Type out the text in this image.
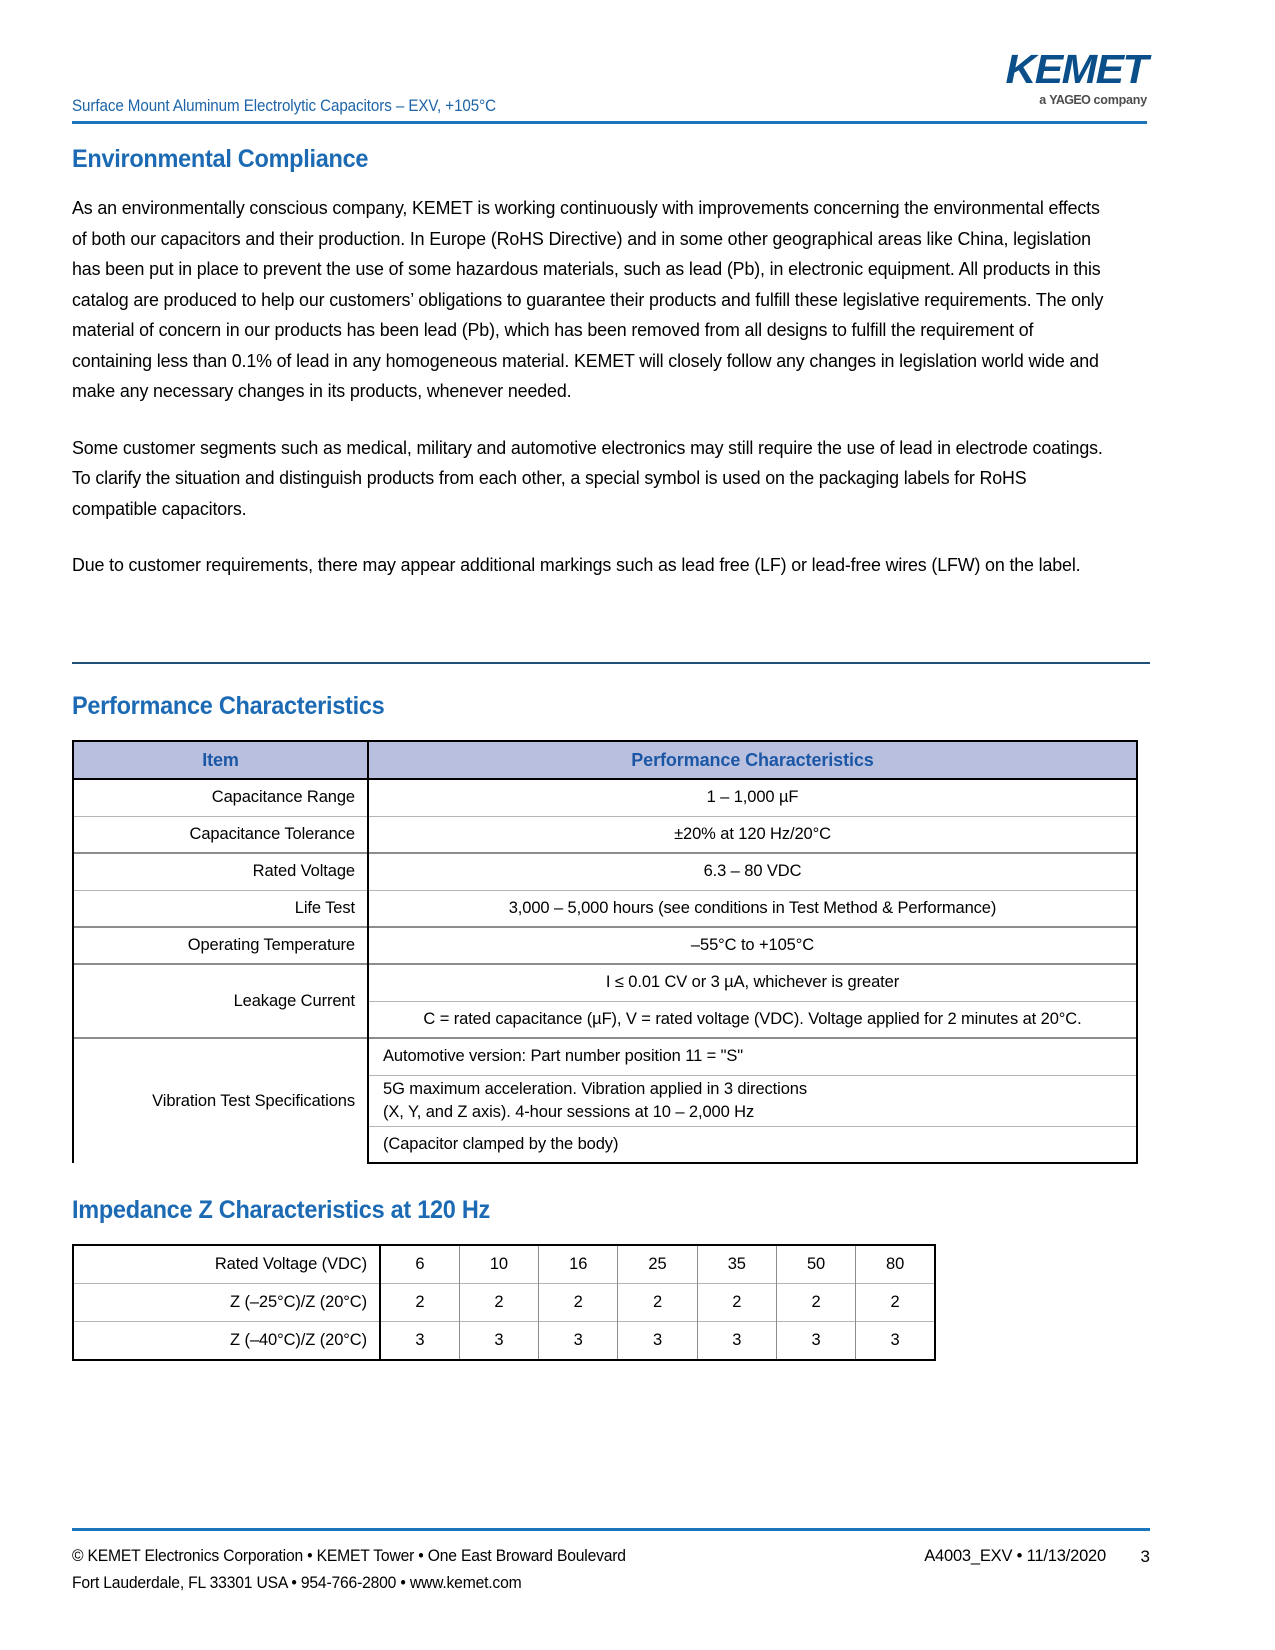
Surface Mount Aluminum Electrolytic Capacitors – EXV, +105°C
KEMET
a YAGEO company
Environmental Compliance

As an environmentally conscious company, KEMET is working continuously with improvements concerning the environmental effects of both our capacitors and their production. In Europe (RoHS Directive) and in some other geographical areas like China, legislation has been put in place to prevent the use of some hazardous materials, such as lead (Pb), in electronic equipment. All products in this catalog are produced to help our customers’ obligations to guarantee their products and fulfill these legislative requirements. The only material of concern in our products has been lead (Pb), which has been removed from all designs to fulfill the requirement of containing less than 0.1% of lead in any homogeneous material. KEMET will closely follow any changes in legislation world wide and make any necessary changes in its products, whenever needed.

Some customer segments such as medical, military and automotive electronics may still require the use of lead in electrode coatings. To clarify the situation and distinguish products from each other, a special symbol is used on the packaging labels for RoHS compatible capacitors.

Due to customer requirements, there may appear additional markings such as lead free (LF) or lead-free wires (LFW) on the label.

Performance Characteristics
Item	Performance Characteristics
Capacitance Range	1 – 1,000 µF
Capacitance Tolerance	±20% at 120 Hz/20°C
Rated Voltage	6.3 – 80 VDC
Life Test	3,000 – 5,000 hours (see conditions in Test Method & Performance)
Operating Temperature	–55°C to +105°C
Leakage Current	I ≤ 0.01 CV or 3 µA, whichever is greater
	C = rated capacitance (µF), V = rated voltage (VDC). Voltage applied for 2 minutes at 20°C.
Vibration Test Specifications	Automotive version: Part number position 11 = "S"
	5G maximum acceleration. Vibration applied in 3 directions
(X, Y, and Z axis). 4-hour sessions at 10 – 2,000 Hz
	(Capacitor clamped by the body)
Impedance Z Characteristics at 120 Hz
Rated Voltage (VDC)	6	10	16	25	35	50	80
Z (–25°C)/Z (20°C)	2	2	2	2	2	2	2
Z (–40°C)/Z (20°C)	3	3	3	3	3	3	3
© KEMET Electronics Corporation • KEMET Tower • One East Broward Boulevard
Fort Lauderdale, FL 33301 USA • 954-766-2800 • www.kemet.com
A4003_EXV • 11/13/2020 3
